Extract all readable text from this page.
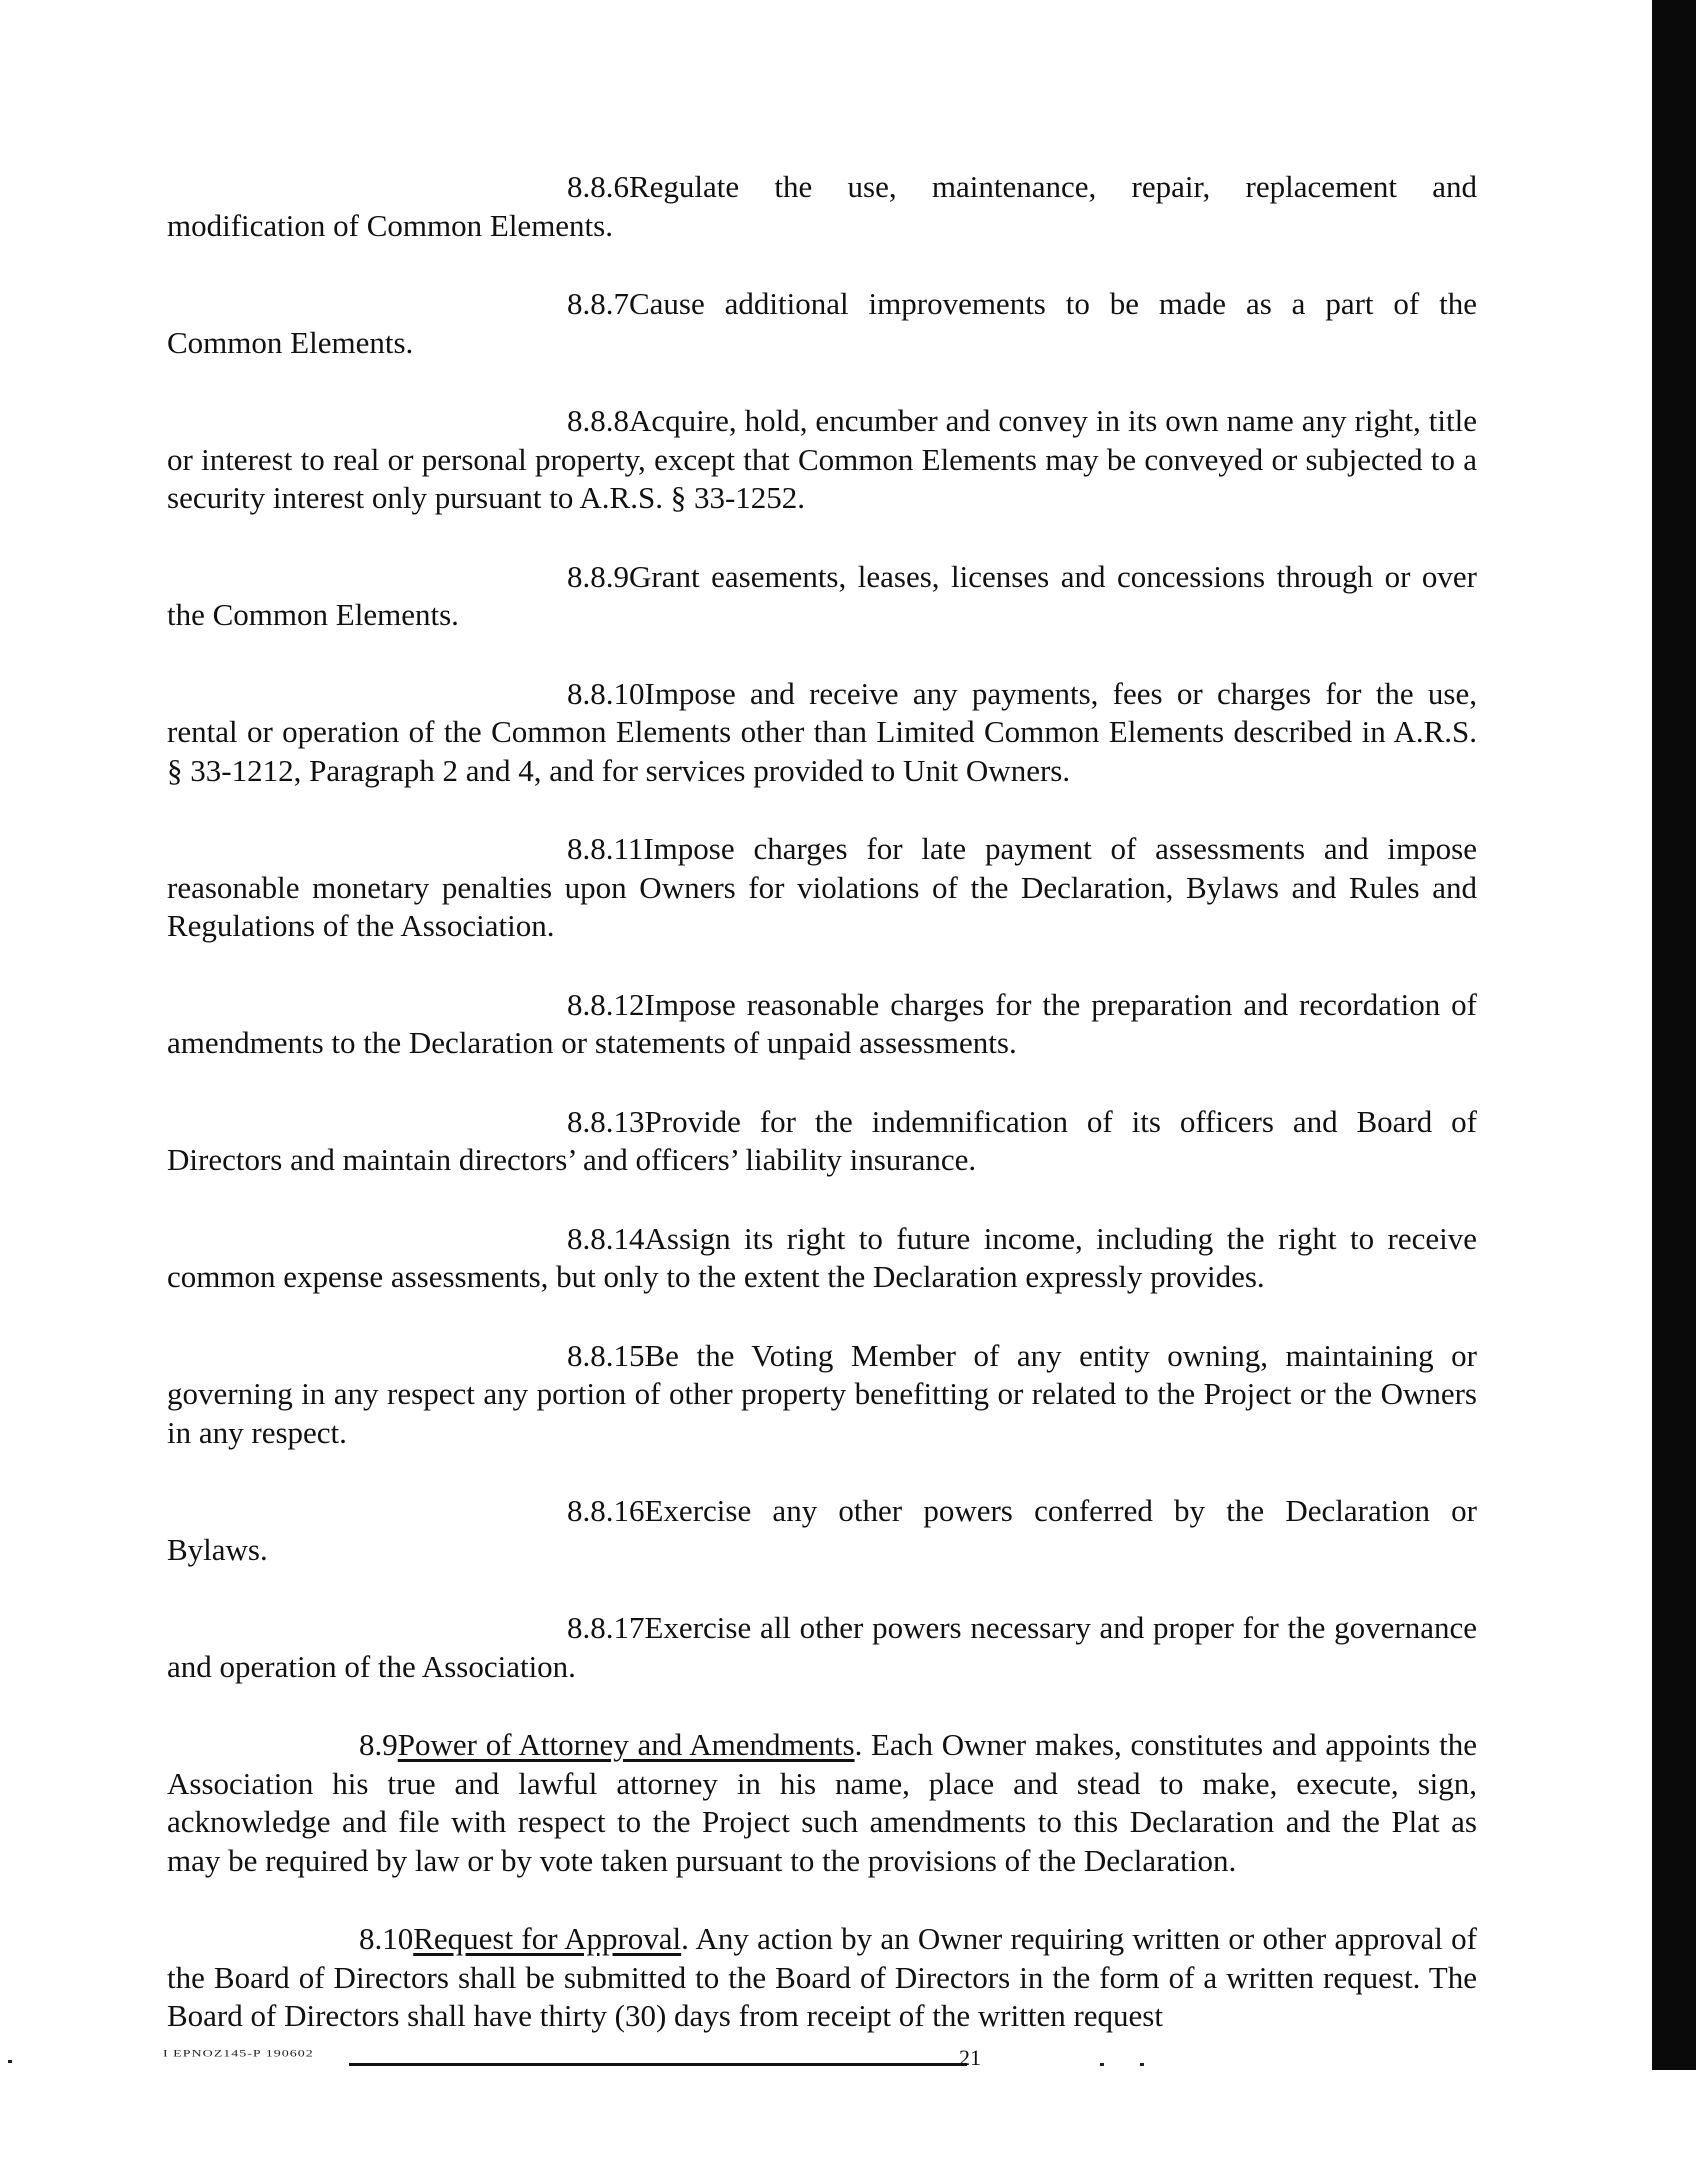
8.8.6Regulate the use, maintenance, repair, replacement and modification of Common Elements.

8.8.7Cause additional improvements to be made as a part of the Common Elements.

8.8.8Acquire, hold, encumber and convey in its own name any right, title or interest to real or personal property, except that Common Elements may be conveyed or subjected to a security interest only pursuant to A.R.S. § 33-1252.

8.8.9Grant easements, leases, licenses and concessions through or over the Common Elements.

8.8.10Impose and receive any payments, fees or charges for the use, rental or operation of the Common Elements other than Limited Common Elements described in A.R.S. § 33-1212, Paragraph 2 and 4, and for services provided to Unit Owners.

8.8.11Impose charges for late payment of assessments and impose reasonable monetary penalties upon Owners for violations of the Declaration, Bylaws and Rules and Regulations of the Association.

8.8.12Impose reasonable charges for the preparation and recordation of amendments to the Declaration or statements of unpaid assessments.

8.8.13Provide for the indemnification of its officers and Board of Directors and maintain directors’ and officers’ liability insurance.

8.8.14Assign its right to future income, including the right to receive common expense assessments, but only to the extent the Declaration expressly provides.

8.8.15Be the Voting Member of any entity owning, maintaining or governing in any respect any portion of other property benefitting or related to the Project or the Owners in any respect.

8.8.16Exercise any other powers conferred by the Declaration or Bylaws.

8.8.17Exercise all other powers necessary and proper for the governance and operation of the Association.

8.9Power of Attorney and Amendments. Each Owner makes, constitutes and appoints the Association his true and lawful attorney in his name, place and stead to make, execute, sign, acknowledge and file with respect to the Project such amendments to this Declaration and the Plat as may be required by law or by vote taken pursuant to the provisions of the Declaration.

8.10Request for Approval. Any action by an Owner requiring written or other approval of the Board of Directors shall be submitted to the Board of Directors in the form of a written request. The Board of Directors shall have thirty (30) days from receipt of the written request

I EPNOZ145-P 190602	21
